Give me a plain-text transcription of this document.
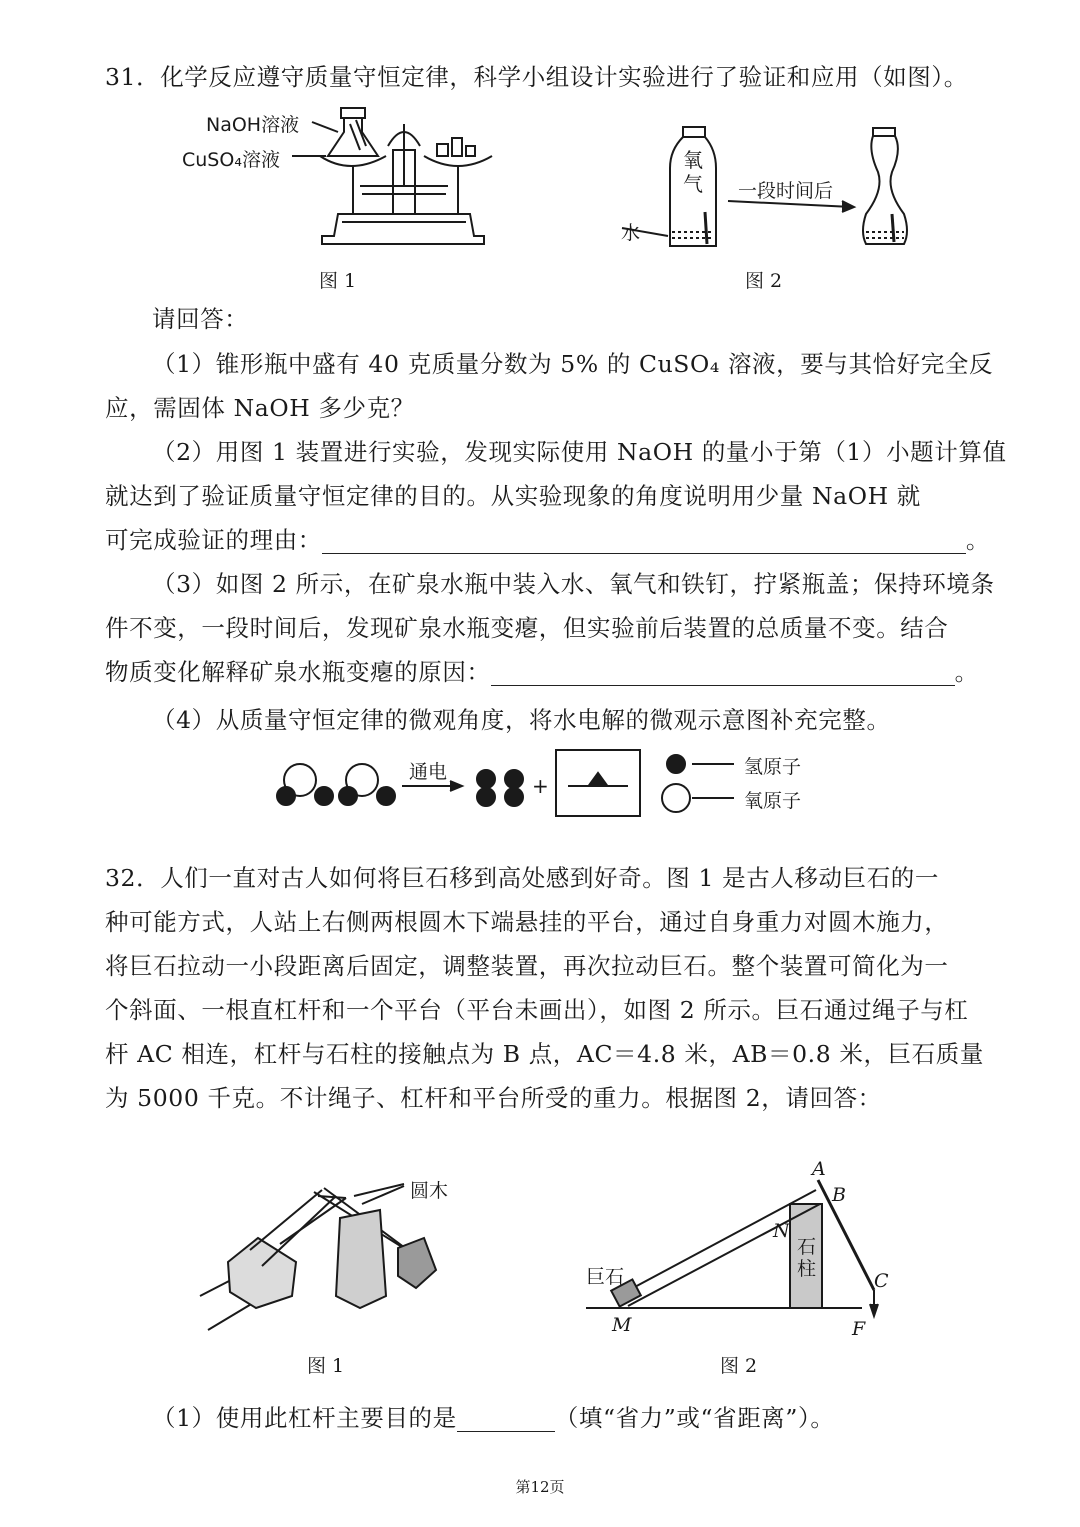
31．化学反应遵守质量守恒定律，科学小组设计实验进行了验证和应用（如图）。
NaOH溶液
CuSO₄溶液
图 1
氧气 一段时间后
水
图 2
请回答：
（1）锥形瓶中盛有 40 克质量分数为 5% 的 CuSO₄ 溶液，要与其恰好完全反
应，需固体 NaOH 多少克？
（2）用图 1 装置进行实验，发现实际使用 NaOH 的量小于第（1）小题计算值
就达到了验证质量守恒定律的目的。从实验现象的角度说明用少量 NaOH 就
可完成验证的理由：	。
（3）如图 2 所示，在矿泉水瓶中装入水、氧气和铁钉，拧紧瓶盖；保持环境条
件不变，一段时间后，发现矿泉水瓶变瘪，但实验前后装置的总质量不变。结合
物质变化解释矿泉水瓶变瘪的原因：	。
（4）从质量守恒定律的微观角度，将水电解的微观示意图补充完整。
通电
+
氢原子
氧原子
32．人们一直对古人如何将巨石移到高处感到好奇。图 1 是古人移动巨石的一
种可能方式，人站上右侧两根圆木下端悬挂的平台，通过自身重力对圆木施力，
将巨石拉动一小段距离后固定，调整装置，再次拉动巨石。整个装置可简化为一
个斜面、一根直杠杆和一个平台（平台未画出），如图 2 所示。巨石通过绳子与杠
杆 AC 相连，杠杆与石柱的接触点为 B 点，AC＝4.8 米，AB＝0.8 米，巨石质量
为 5000 千克。不计绳子、杠杆和平台所受的重力。根据图 2，请回答：
圆木
图 1
A
B
C
N
M	F
巨石
石柱
图 2
（1）使用此杠杆主要目的是	（填“省力”或“省距离”）。
第12页
